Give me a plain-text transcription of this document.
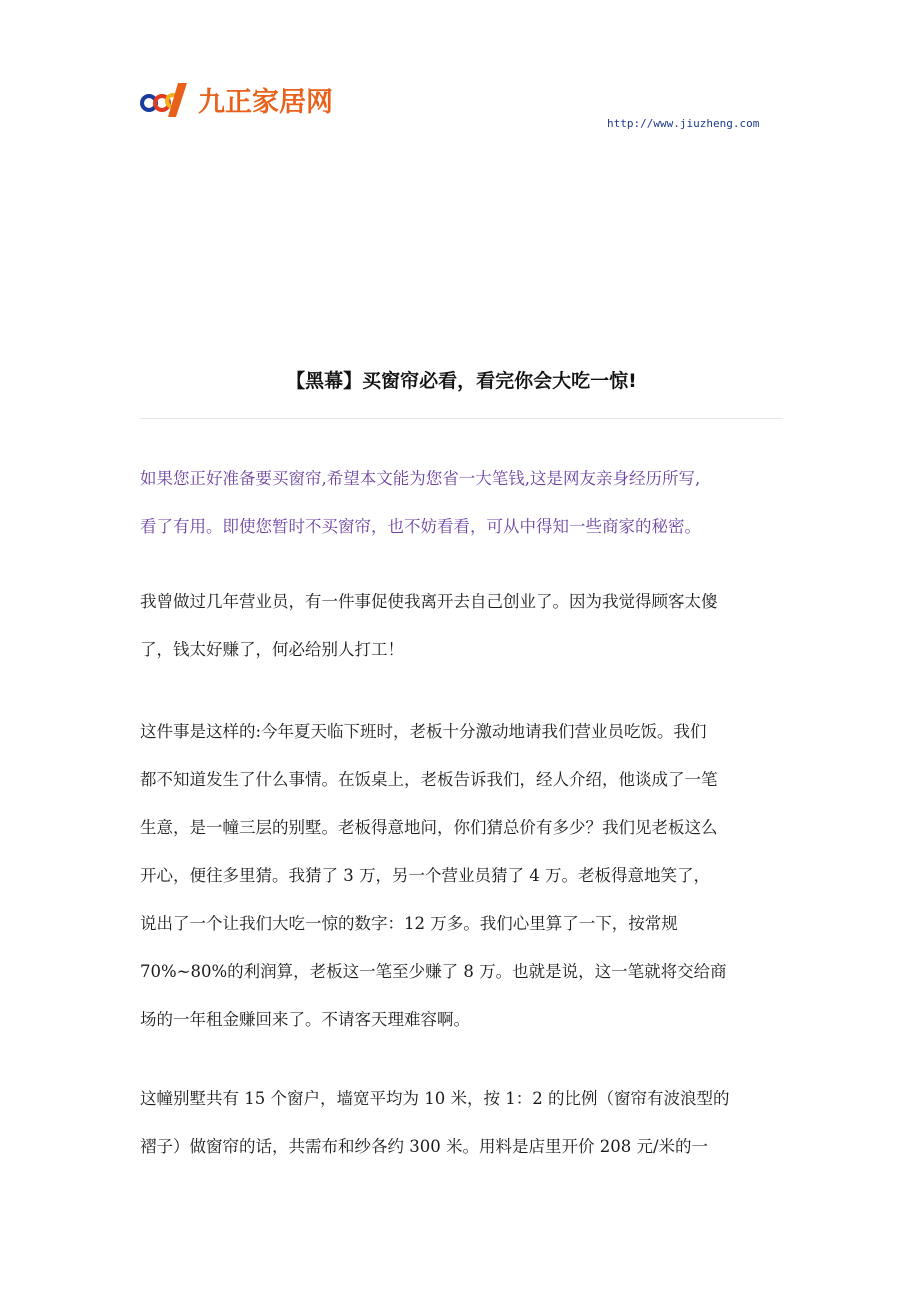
九正家居网
http://www.jiuzheng.com
【黑幕】买窗帘必看，看完你会大吃一惊!

如果您正好准备要买窗帘,希望本文能为您省一大笔钱,这是网友亲身经历所写,
看了有用。即使您暂时不买窗帘，也不妨看看，可从中得知一些商家的秘密。

我曾做过几年营业员，有一件事促使我离开去自己创业了。因为我觉得顾客太傻
了，钱太好赚了，何必给别人打工！

这件事是这样的:今年夏天临下班时，老板十分激动地请我们营业员吃饭。我们
都不知道发生了什么事情。在饭桌上，老板告诉我们，经人介绍，他谈成了一笔
生意，是一幢三层的别墅。老板得意地问，你们猜总价有多少？我们见老板这么
开心，便往多里猜。我猜了 3 万，另一个营业员猜了 4 万。老板得意地笑了，
说出了一个让我们大吃一惊的数字：12 万多。我们心里算了一下，按常规
70%~80%的利润算，老板这一笔至少赚了 8 万。也就是说，这一笔就将交给商
场的一年租金赚回来了。不请客天理难容啊。

这幢别墅共有 15 个窗户，墙宽平均为 10 米，按 1：2 的比例（窗帘有波浪型的
褶子）做窗帘的话，共需布和纱各约 300 米。用料是店里开价 208 元/米的一
